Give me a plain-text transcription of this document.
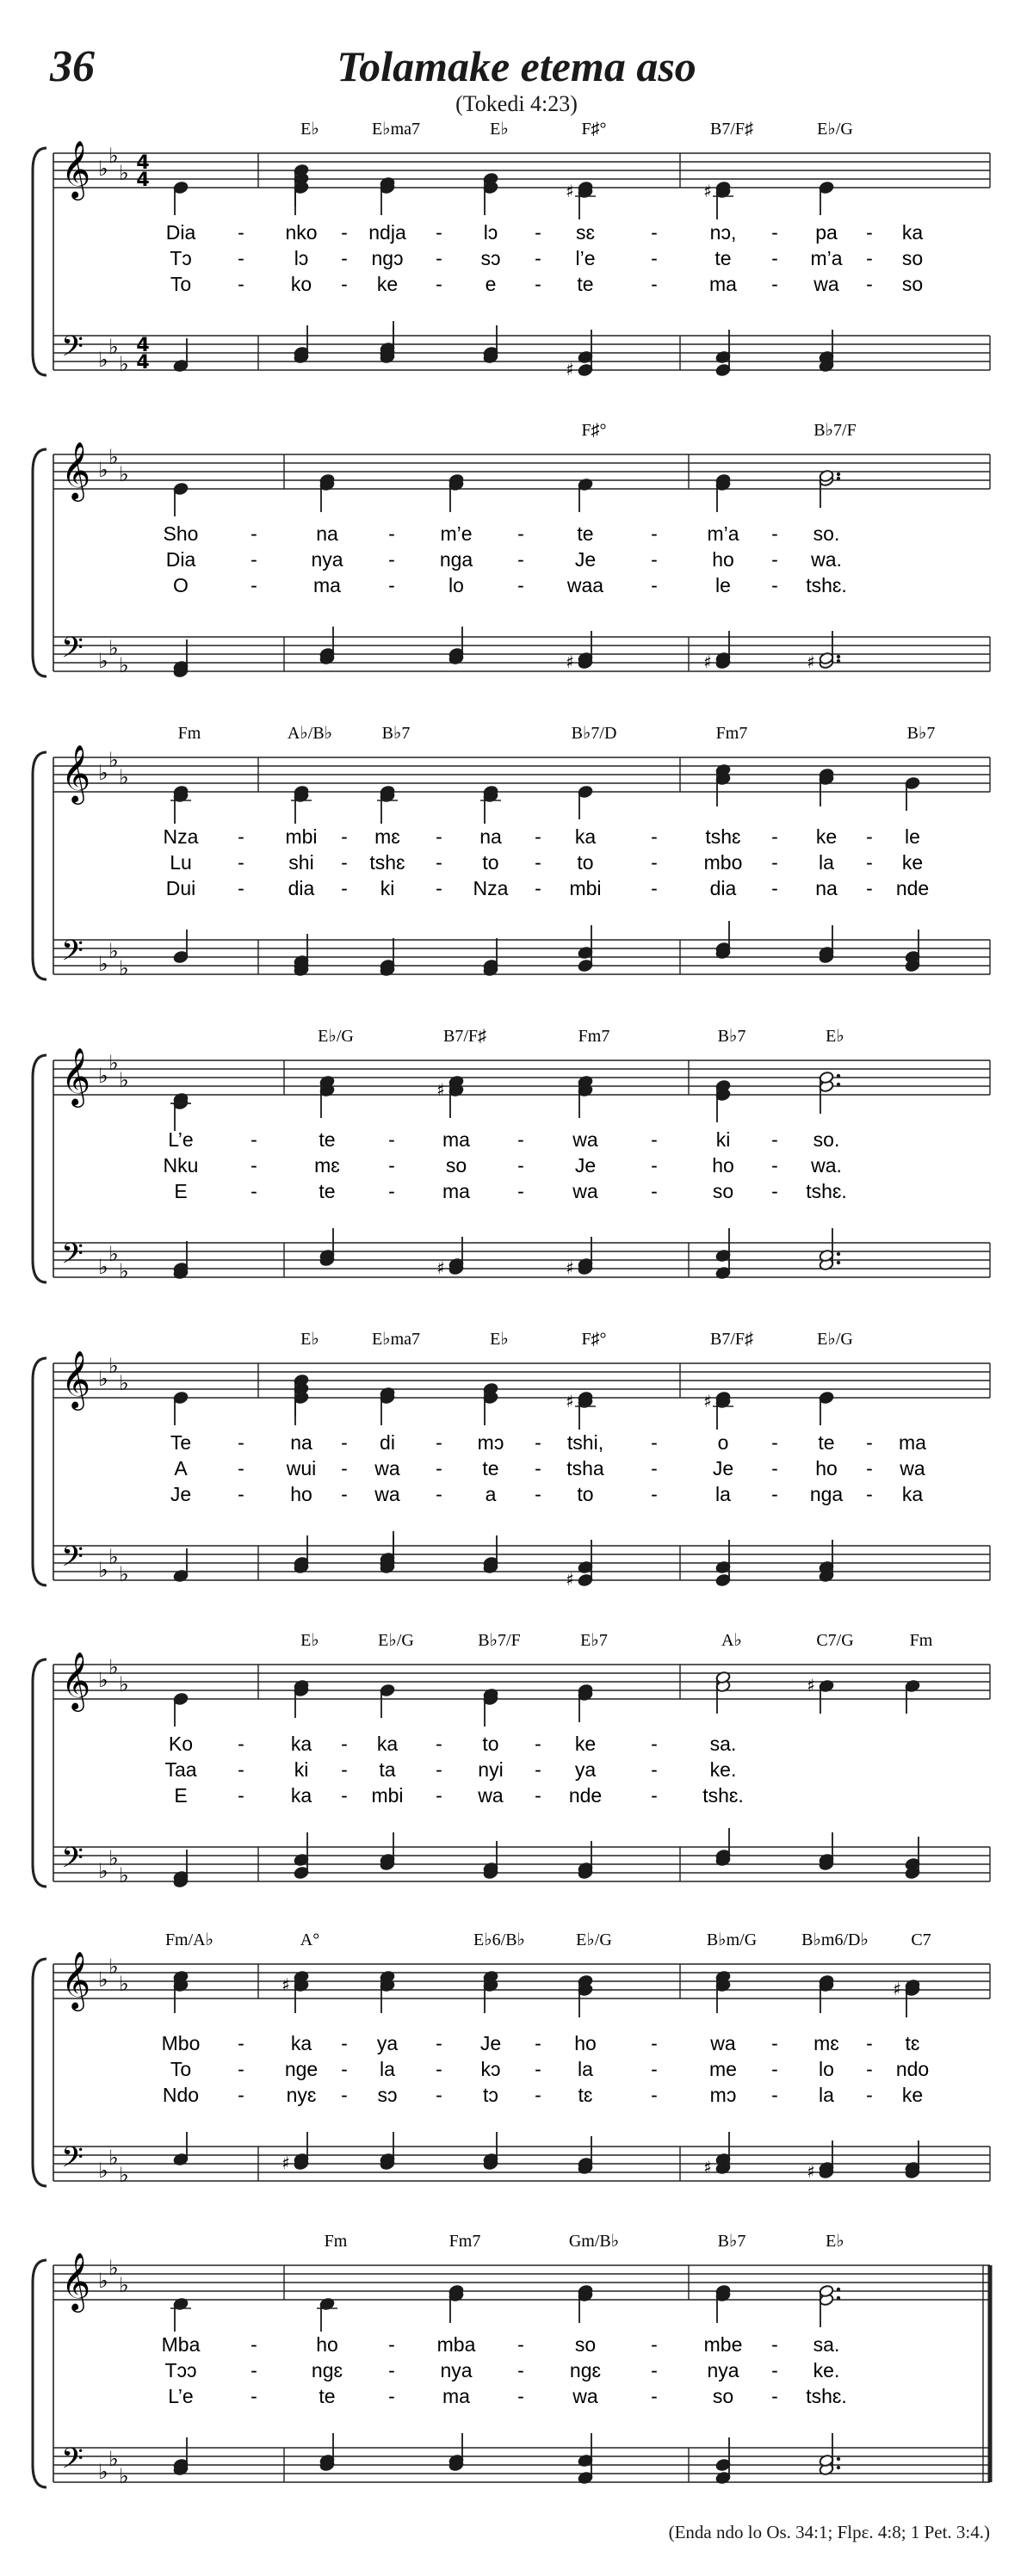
36	Tolamake etema aso
(Tokedi 4:23)
𝄞
𝄢
♭
♭
♭
♭
♭
♭
4
4
4
4
E♭	E♭ma7	E♭	F♯°	B7/F♯	E♭/G
♯	♯
♯
Dia - nko - ndja - lɔ - sɛ	-	nɔ, - pa - ka
Tɔ -	lɔ - ngɔ - sɔ - l’e	-	te - m’a - so
To - ko - ke - e - te	-	ma - wa - so
𝄞
𝄢
♭
♭
♭
♭
♭
♭
F♯°	B♭7/F
♯	♯	♯
Sho	-	na	- m’e -	te	-	m’a - so.
Dia	-	nya - nga -	Je	-	ho - wa.
O	-	ma -	lo	- waa -	le - tshɛ.
𝄞
𝄢
♭
♭
♭
♭
♭
♭
Fm	A♭/B♭	B♭7	B♭7/D	Fm7	B♭7
Nza - mbi - mɛ - na - ka	- tshɛ - ke - le
Lu - shi - tshɛ - to - to	- mbo - la - ke
Dui - dia - ki - Nza - mbi	-	dia - na - nde
𝄞
𝄢
♭
♭
♭
♭
♭
♭
E♭/G	B7/F♯	Fm7	B♭7	E♭
♯
♯	♯
L’e	-	te	- ma - wa	-	ki - so.
Nku	-	mɛ -	so	-	Je	-	ho - wa.
E	-	te	- ma - wa	-	so - tshɛ.
𝄞
𝄢
♭
♭
♭
♭
♭
♭
E♭	E♭ma7	E♭	F♯°	B7/F♯	E♭/G
♯	♯
♯
Te - na - di - mɔ - tshi, -	o - te - ma
A	- wui - wa - te - tsha -	Je - ho - wa
Je - ho - wa - a - to	-	la - nga - ka
𝄞
𝄢
♭
♭
♭
♭
♭
♭
E♭	E♭/G	B♭7/F	E♭7	A♭	C7/G	Fm
♯
Ko - ka - ka - to - ke	-	sa.
Taa -	ki - ta - nyi - ya	-	ke.
E	- ka - mbi - wa - nde - tshɛ.
𝄞
𝄢
♭
♭
♭
♭
♭
♭
Fm/A♭	A°	E♭6/B♭	E♭/G	B♭m/G	B♭m6/D♭ C7
♯	♯
♯	♯	♯
Mbo - ka - ya - Je - ho	-	wa - mɛ - tɛ
To - nge - la - kɔ - la	-	me - lo - ndo
Ndo - nyɛ - sɔ - tɔ - tɛ	-	mɔ - la - ke
𝄞
𝄢
♭
♭
♭
♭
♭
♭
Fm	Fm7	Gm/B♭	B♭7	E♭
Mba	-	ho	- mba -	so	- mbe - sa.
Tɔɔ	-	ngɛ - nya - ngɛ	-	nya - ke.
L’e	-	te	- ma - wa	-	so - tshɛ.
(Enda ndo lo Os. 34:1; Flpɛ. 4:8; 1 Pet. 3:4.)
